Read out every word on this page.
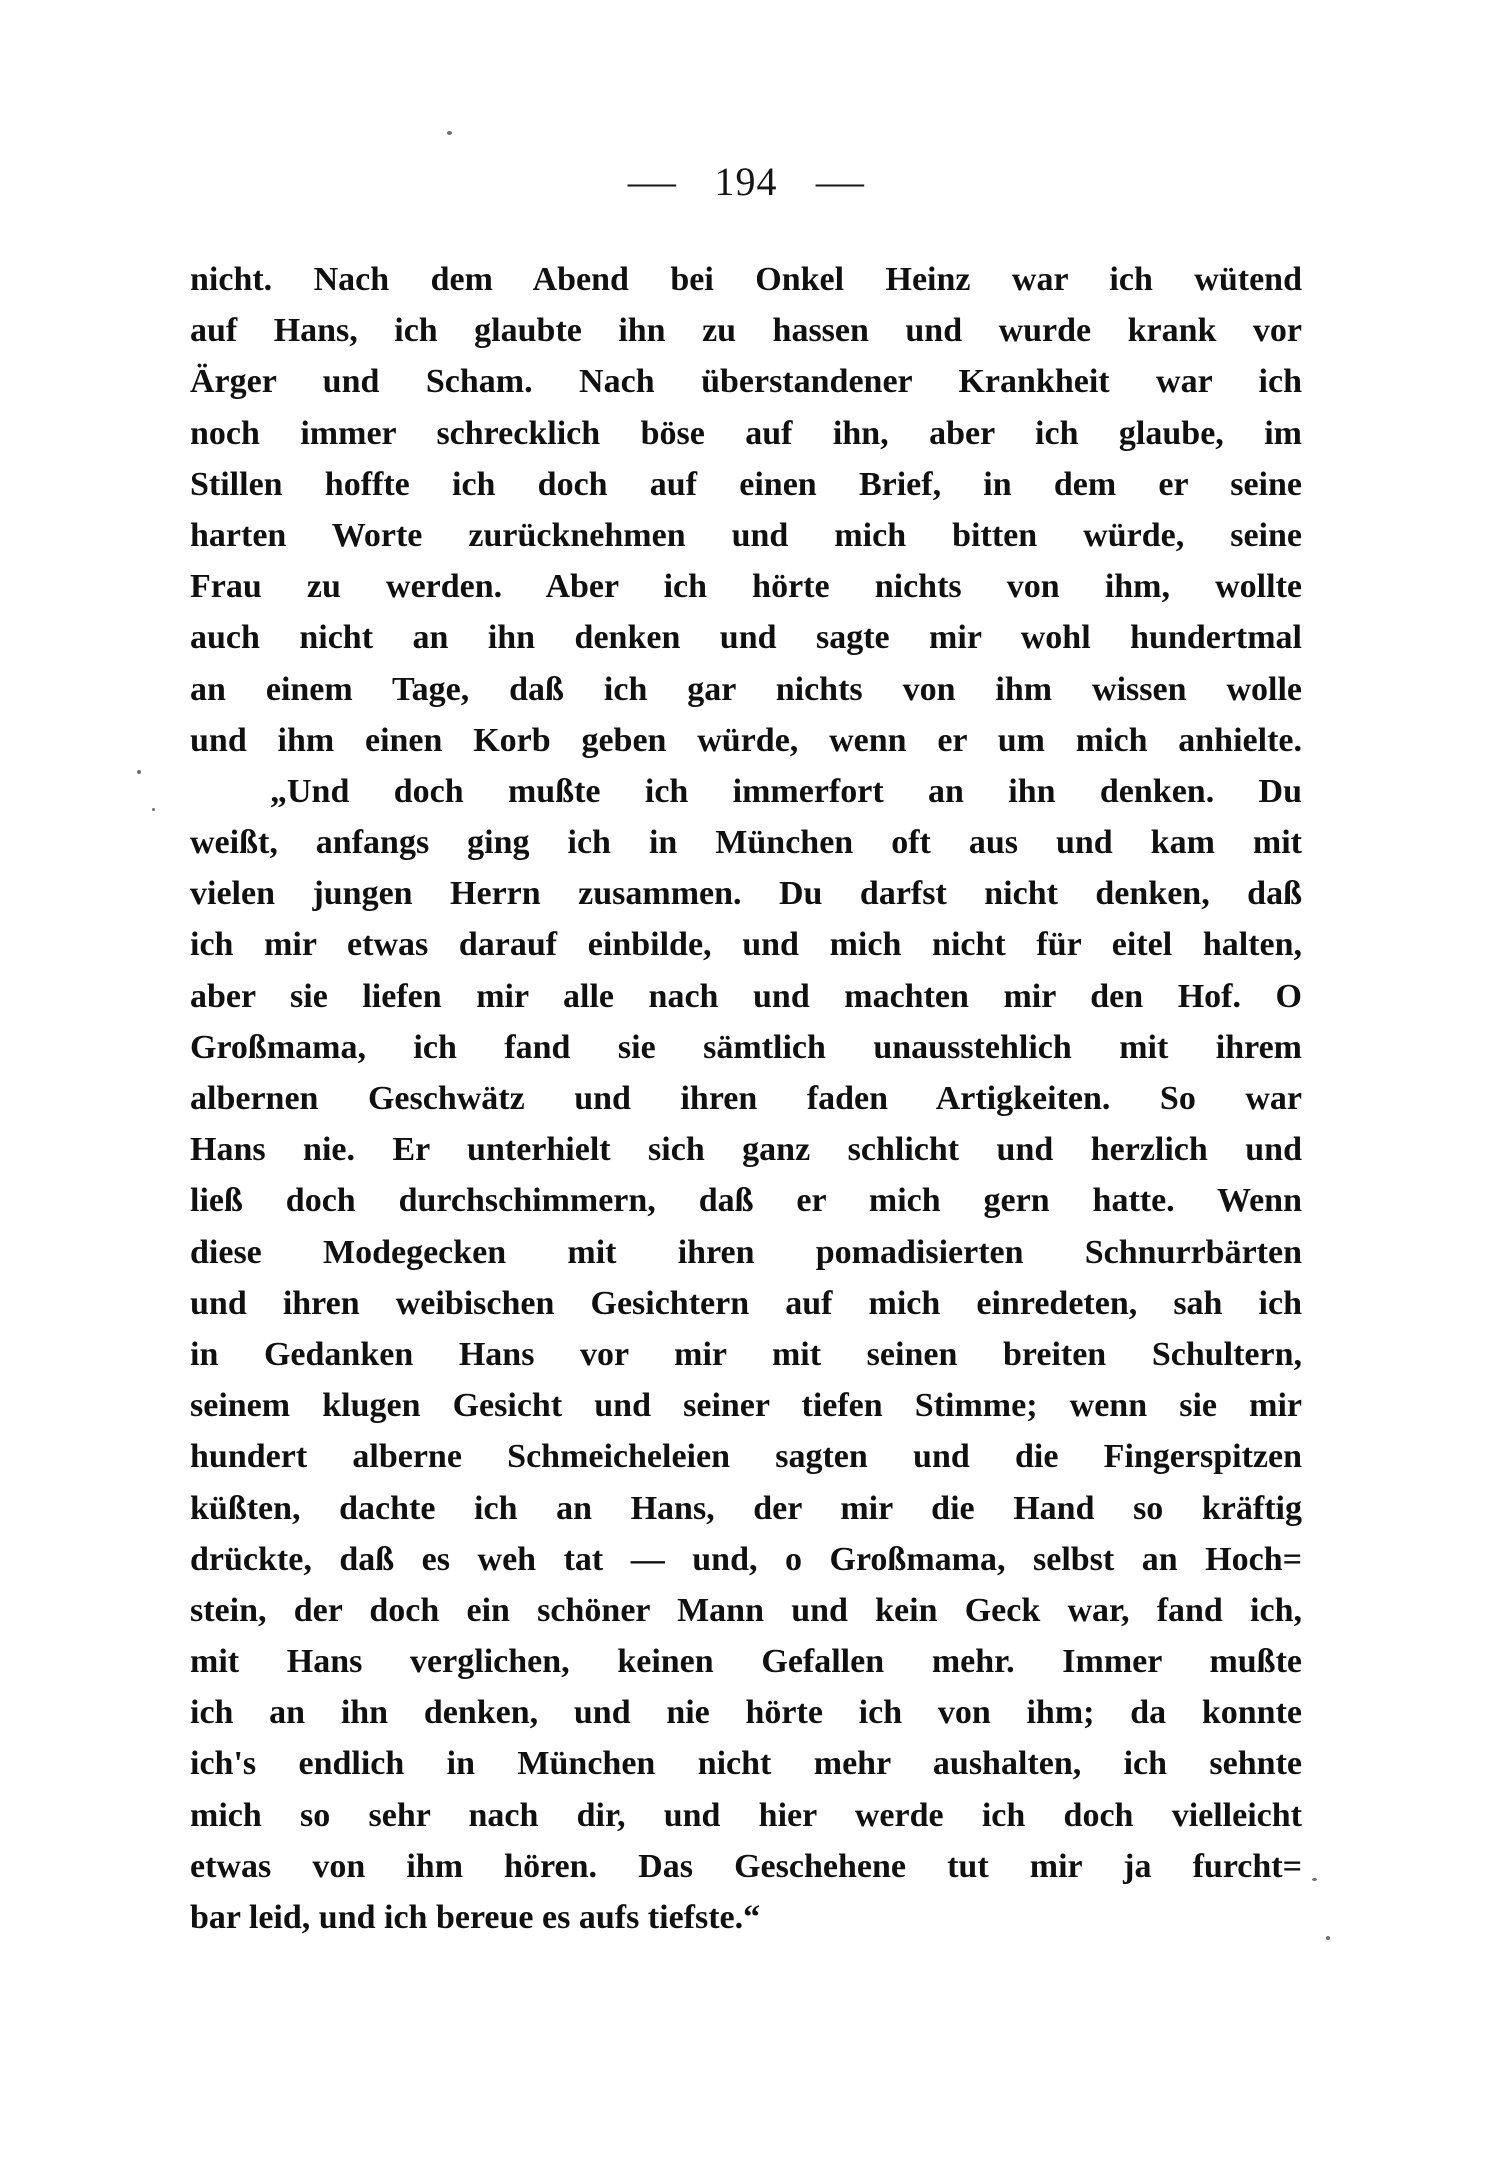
— 194 —
nicht. Nach dem Abend bei Onkel Heinz war ich wütend
auf Hans, ich glaubte ihn zu hassen und wurde krank vor
Ärger und Scham. Nach überstandener Krankheit war ich
noch immer schrecklich böse auf ihn, aber ich glaube, im
Stillen hoffte ich doch auf einen Brief, in dem er seine
harten Worte zurücknehmen und mich bitten würde, seine
Frau zu werden. Aber ich hörte nichts von ihm, wollte
auch nicht an ihn denken und sagte mir wohl hundertmal
an einem Tage, daß ich gar nichts von ihm wissen wolle
und ihm einen Korb geben würde, wenn er um mich anhielte.
„Und doch mußte ich immerfort an ihn denken. Du
weißt, anfangs ging ich in München oft aus und kam mit
vielen jungen Herrn zusammen. Du darfst nicht denken, daß
ich mir etwas darauf einbilde, und mich nicht für eitel halten,
aber sie liefen mir alle nach und machten mir den Hof. O
Großmama, ich fand sie sämtlich unausstehlich mit ihrem
albernen Geschwätz und ihren faden Artigkeiten. So war
Hans nie. Er unterhielt sich ganz schlicht und herzlich und
ließ doch durchschimmern, daß er mich gern hatte. Wenn
diese Modegecken mit ihren pomadisierten Schnurrbärten
und ihren weibischen Gesichtern auf mich einredeten, sah ich
in Gedanken Hans vor mir mit seinen breiten Schultern,
seinem klugen Gesicht und seiner tiefen Stimme; wenn sie mir
hundert alberne Schmeicheleien sagten und die Fingerspitzen
küßten, dachte ich an Hans, der mir die Hand so kräftig
drückte, daß es weh tat — und, o Großmama, selbst an Hoch=
stein, der doch ein schöner Mann und kein Geck war, fand ich,
mit Hans verglichen, keinen Gefallen mehr. Immer mußte
ich an ihn denken, und nie hörte ich von ihm; da konnte
ich's endlich in München nicht mehr aushalten, ich sehnte
mich so sehr nach dir, und hier werde ich doch vielleicht
etwas von ihm hören. Das Geschehene tut mir ja furcht=
bar leid, und ich bereue es aufs tiefste.“
